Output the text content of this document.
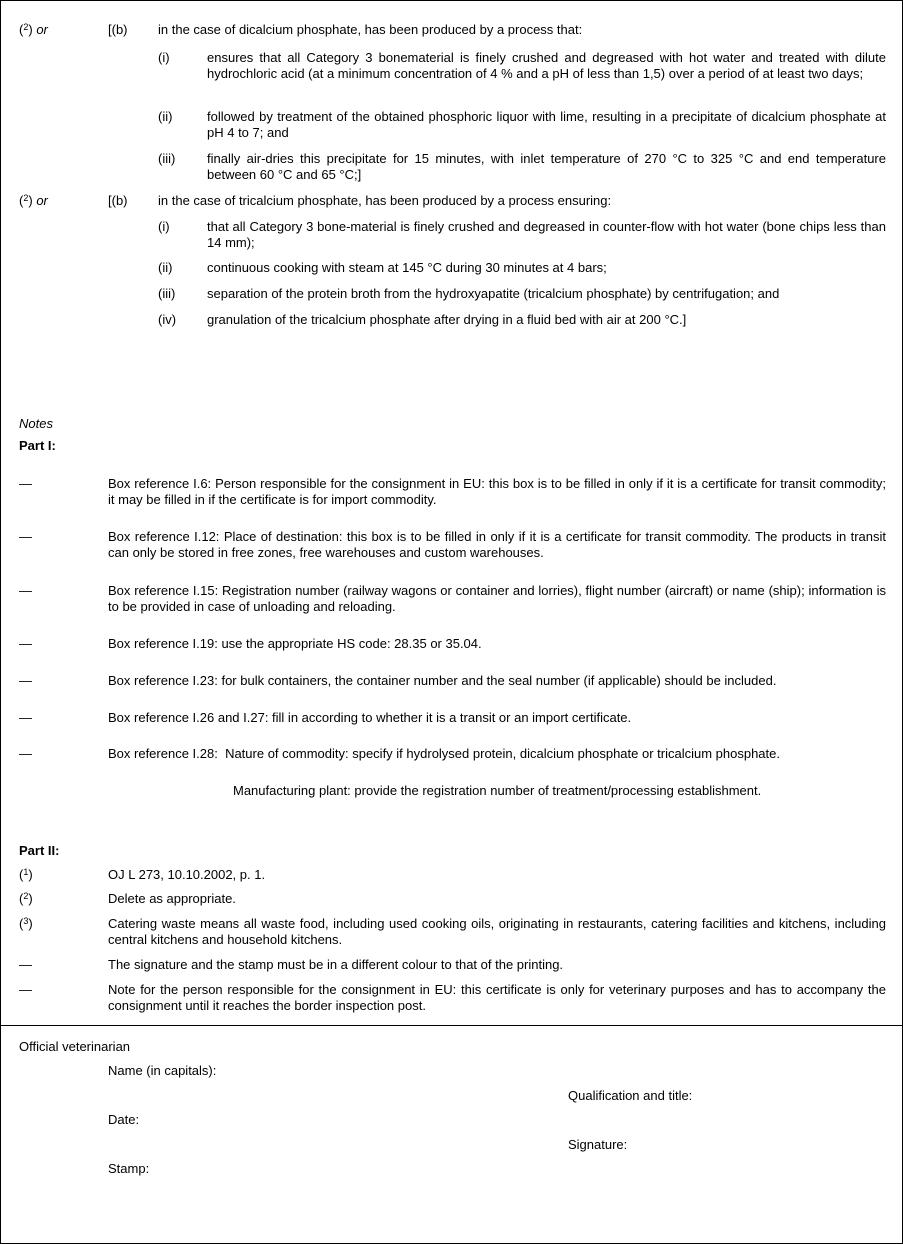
($^2$) or	[(b) in the case of dicalcium phosphate, has been produced by a process that:
(i)	ensures that all Category 3 bonematerial is finely crushed and degreased with hot water and treated with dilute hydrochloric acid (at a minimum concentration of 4 % and a pH of less than 1,5) over a period of at least two days;
(ii)	followed by treatment of the obtained phosphoric liquor with lime, resulting in a precipitate of dicalcium phosphate at pH 4 to 7; and
(iii) finally air-dries this precipitate for 15 minutes, with inlet temperature of 270 °C to 325 °C and end temperature between 60 °C and 65 °C;]
($^2$) or	[(b) in the case of tricalcium phosphate, has been produced by a process ensuring:
(i)	that all Category 3 bone-material is finely crushed and degreased in counter-flow with hot water (bone chips less than 14 mm);
(ii)	continuous cooking with steam at 145 °C during 30 minutes at 4 bars;
(iii) separation of the protein broth from the hydroxyapatite (tricalcium phosphate) by centrifugation; and
(iv) granulation of the tricalcium phosphate after drying in a fluid bed with air at 200 °C.]
Notes
Part I:
—	Box reference I.6: Person responsible for the consignment in EU: this box is to be filled in only if it is a certificate for transit commodity; it may be filled in if the certificate is for import commodity.
—	Box reference I.12: Place of destination: this box is to be filled in only if it is a certificate for transit commodity. The products in transit can only be stored in free zones, free warehouses and custom warehouses.
—	Box reference I.15: Registration number (railway wagons or container and lorries), flight number (aircraft) or name (ship); information is to be provided in case of unloading and reloading.
—	Box reference I.19: use the appropriate HS code: 28.35 or 35.04.
—	Box reference I.23: for bulk containers, the container number and the seal number (if applicable) should be included.
—	Box reference I.26 and I.27: fill in according to whether it is a transit or an import certificate.
—	Box reference I.28:  Nature of commodity: specify if hydrolysed protein, dicalcium phosphate or tricalcium phosphate.
Manufacturing plant: provide the registration number of treatment/processing establishment.
Part II:
($^1$)	OJ L 273, 10.10.2002, p. 1.
($^2$)	Delete as appropriate.
($^3$)	Catering waste means all waste food, including used cooking oils, originating in restaurants, catering facilities and kitchens, including central kitchens and household kitchens.
—	The signature and the stamp must be in a different colour to that of the printing.
—	Note for the person responsible for the consignment in EU: this certificate is only for veterinary purposes and has to accompany the consignment until it reaches the border inspection post.
Official veterinarian
Name (in capitals):
Qualification and title:
Date:
Signature:
Stamp:
